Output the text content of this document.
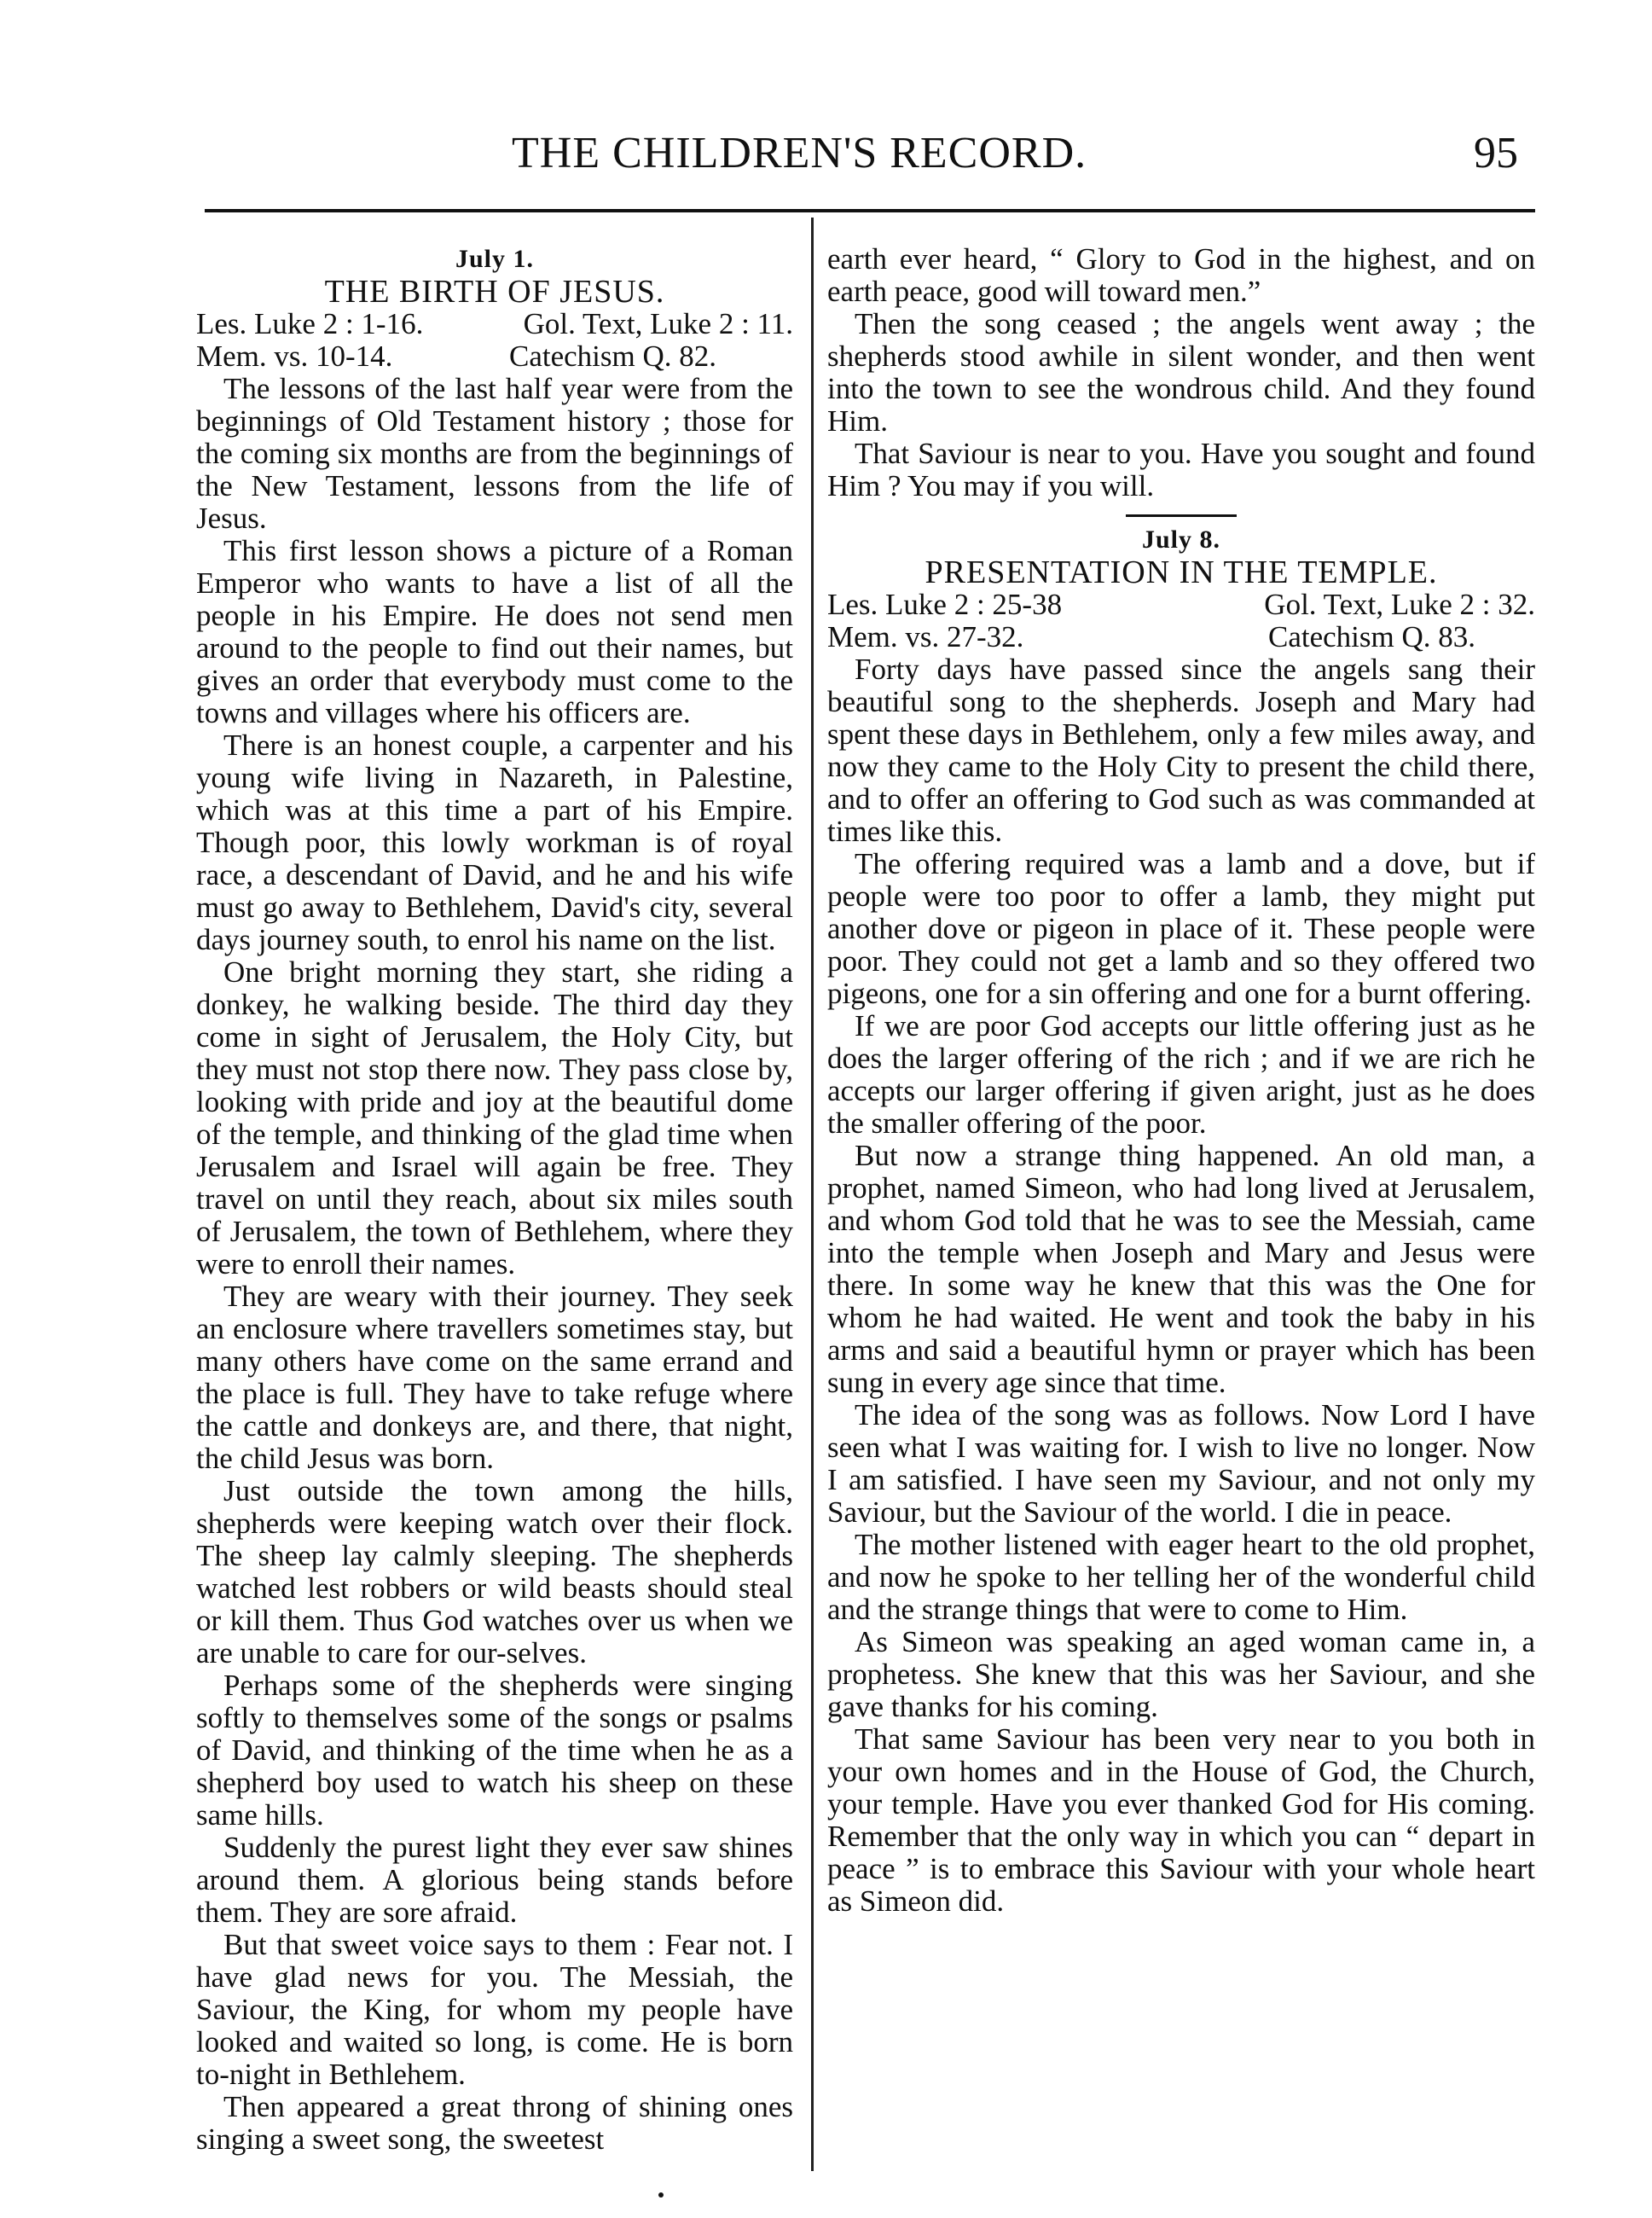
THE CHILDREN'S RECORD.	95

July 1.

THE BIRTH OF JESUS.

Les. Luke 2 : 1-16.	Gol. Text, Luke 2 : 11.
Mem. vs. 10-14.	Catechism Q. 82.

The lessons of the last half year were from the beginnings of Old Testament history ; those for the coming six months are from the beginnings of the New Testament, lessons from the life of Jesus.

This first lesson shows a picture of a Roman Emperor who wants to have a list of all the people in his Empire. He does not send men around to the people to find out their names, but gives an order that everybody must come to the towns and villages where his officers are.

There is an honest couple, a carpenter and his young wife living in Nazareth, in Palestine, which was at this time a part of his Empire. Though poor, this lowly workman is of royal race, a descendant of David, and he and his wife must go away to Bethlehem, David's city, several days journey south, to enrol his name on the list.

One bright morning they start, she riding a donkey, he walking beside. The third day they come in sight of Jerusalem, the Holy City, but they must not stop there now. They pass close by, looking with pride and joy at the beautiful dome of the temple, and thinking of the glad time when Jerusalem and Israel will again be free. They travel on until they reach, about six miles south of Jerusalem, the town of Bethlehem, where they were to enroll their names.

They are weary with their journey. They seek an enclosure where travellers sometimes stay, but many others have come on the same errand and the place is full. They have to take refuge where the cattle and donkeys are, and there, that night, the child Jesus was born.

Just outside the town among the hills, shepherds were keeping watch over their flock. The sheep lay calmly sleeping. The shepherds watched lest robbers or wild beasts should steal or kill them. Thus God watches over us when we are unable to care for our-selves.

Perhaps some of the shepherds were singing softly to themselves some of the songs or psalms of David, and thinking of the time when he as a shepherd boy used to watch his sheep on these same hills.

Suddenly the purest light they ever saw shines around them. A glorious being stands before them. They are sore afraid.

But that sweet voice says to them : Fear not. I have glad news for you. The Messiah, the Saviour, the King, for whom my people have looked and waited so long, is come. He is born to-night in Bethlehem.

Then appeared a great throng of shining ones singing a sweet song, the sweetest

earth ever heard, “ Glory to God in the highest, and on earth peace, good will toward men.”

Then the song ceased ; the angels went away ; the shepherds stood awhile in silent wonder, and then went into the town to see the wondrous child. And they found Him.

That Saviour is near to you. Have you sought and found Him ? You may if you will.

July 8.

PRESENTATION IN THE TEMPLE.

Les. Luke 2 : 25-38	Gol. Text, Luke 2 : 32.
Mem. vs. 27-32.	Catechism Q. 83.

Forty days have passed since the angels sang their beautiful song to the shepherds. Joseph and Mary had spent these days in Bethlehem, only a few miles away, and now they came to the Holy City to present the child there, and to offer an offering to God such as was commanded at times like this.

The offering required was a lamb and a dove, but if people were too poor to offer a lamb, they might put another dove or pigeon in place of it. These people were poor. They could not get a lamb and so they offered two pigeons, one for a sin offering and one for a burnt offering.

If we are poor God accepts our little offering just as he does the larger offering of the rich ; and if we are rich he accepts our larger offering if given aright, just as he does the smaller offering of the poor.

But now a strange thing happened. An old man, a prophet, named Simeon, who had long lived at Jerusalem, and whom God told that he was to see the Messiah, came into the temple when Joseph and Mary and Jesus were there. In some way he knew that this was the One for whom he had waited. He went and took the baby in his arms and said a beautiful hymn or prayer which has been sung in every age since that time.

The idea of the song was as follows. Now Lord I have seen what I was waiting for. I wish to live no longer. Now I am satisfied. I have seen my Saviour, and not only my Saviour, but the Saviour of the world. I die in peace.

The mother listened with eager heart to the old prophet, and now he spoke to her telling her of the wonderful child and the strange things that were to come to Him.

As Simeon was speaking an aged woman came in, a prophetess. She knew that this was her Saviour, and she gave thanks for his coming.

That same Saviour has been very near to you both in your own homes and in the House of God, the Church, your temple. Have you ever thanked God for His coming. Remember that the only way in which you can “ depart in peace ” is to embrace this Saviour with your whole heart as Simeon did.
